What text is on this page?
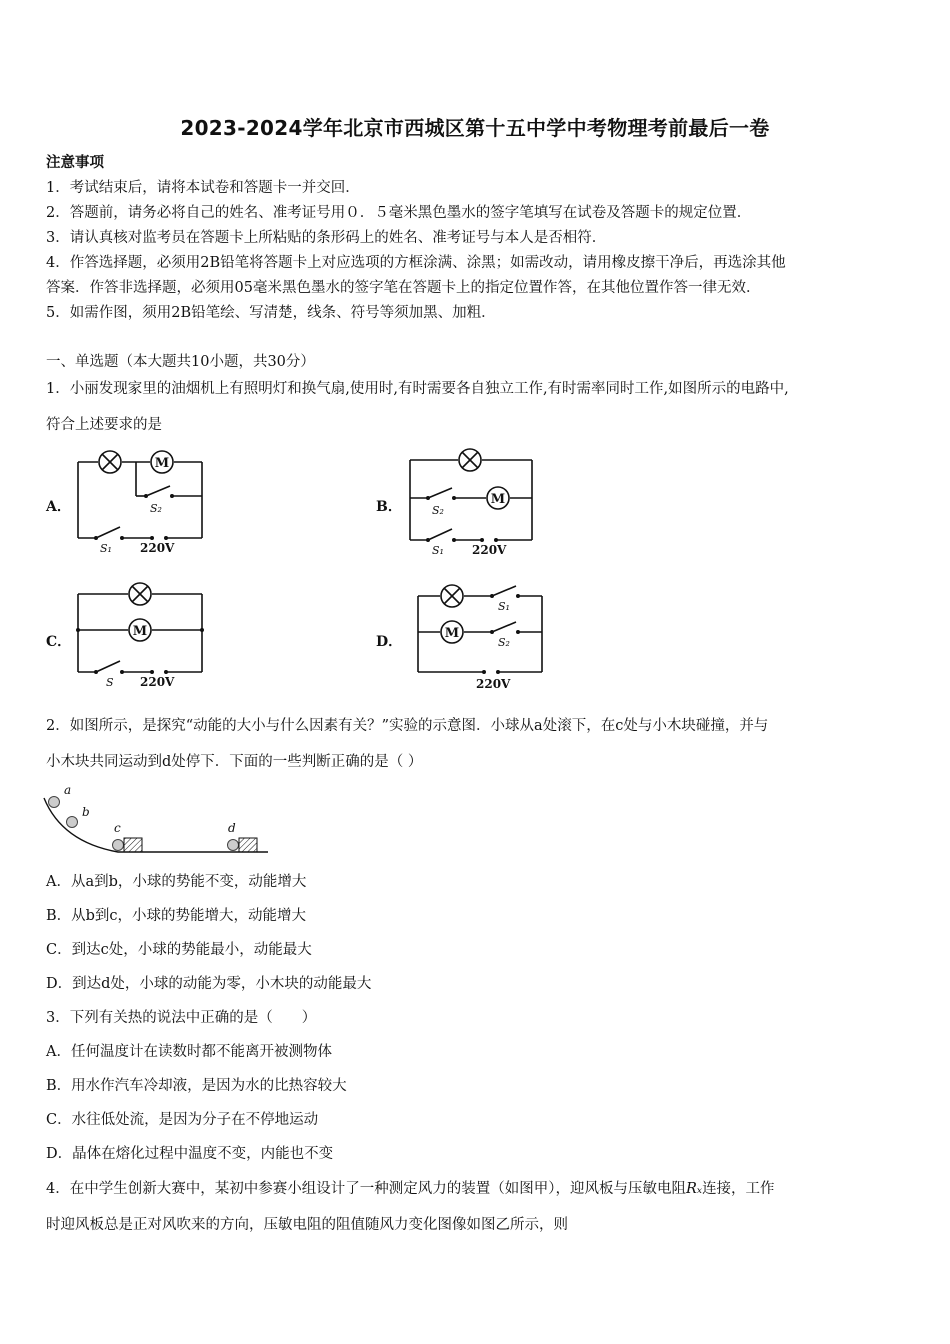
2023-2024学年北京市西城区第十五中学中考物理考前最后一卷
注意事项
1．考试结束后，请将本试卷和答题卡一并交回．
2．答题前，请务必将自己的姓名、准考证号用０．５毫米黑色墨水的签字笔填写在试卷及答题卡的规定位置．
3．请认真核对监考员在答题卡上所粘贴的条形码上的姓名、准考证号与本人是否相符．
4．作答选择题，必须用2B铅笔将答题卡上对应选项的方框涂满、涂黑；如需改动，请用橡皮擦干净后，再选涂其他
答案．作答非选择题，必须用05毫米黑色墨水的签字笔在答题卡上的指定位置作答，在其他位置作答一律无效．
5．如需作图，须用2B铅笔绘、写清楚，线条、符号等须加黑、加粗．
一、单选题（本大题共10小题，共30分）
1．小丽发现家里的油烟机上有照明灯和换气扇,使用时,有时需要各自独立工作,有时需率同时工作,如图所示的电路中,
符合上述要求的是
A．	B．
C．	D．
M
S₂
S₁ 220V
M
S₂
S₁ 220V
M
S 220V
M
S₁
S₂
220V
2．如图所示，是探究“动能的大小与什么因素有关？”实验的示意图．小球从a处滚下，在c处与小木块碰撞，并与
小木块共同运动到d处停下．下面的一些判断正确的是（ ）
a
b
c	d
A．从a到b，小球的势能不变，动能增大
B．从b到c，小球的势能增大，动能增大
C．到达c处，小球的势能最小，动能最大
D．到达d处，小球的动能为零，小木块的动能最大
3．下列有关热的说法中正确的是（　　）
A．任何温度计在读数时都不能离开被测物体
B．用水作汽车冷却液，是因为水的比热容较大
C．水往低处流，是因为分子在不停地运动
D．晶体在熔化过程中温度不变，内能也不变
4．在中学生创新大赛中，某初中参赛小组设计了一种测定风力的装置（如图甲），迎风板与压敏电阻Rₓ连接，工作
时迎风板总是正对风吹来的方向，压敏电阻的阻值随风力变化图像如图乙所示，则
